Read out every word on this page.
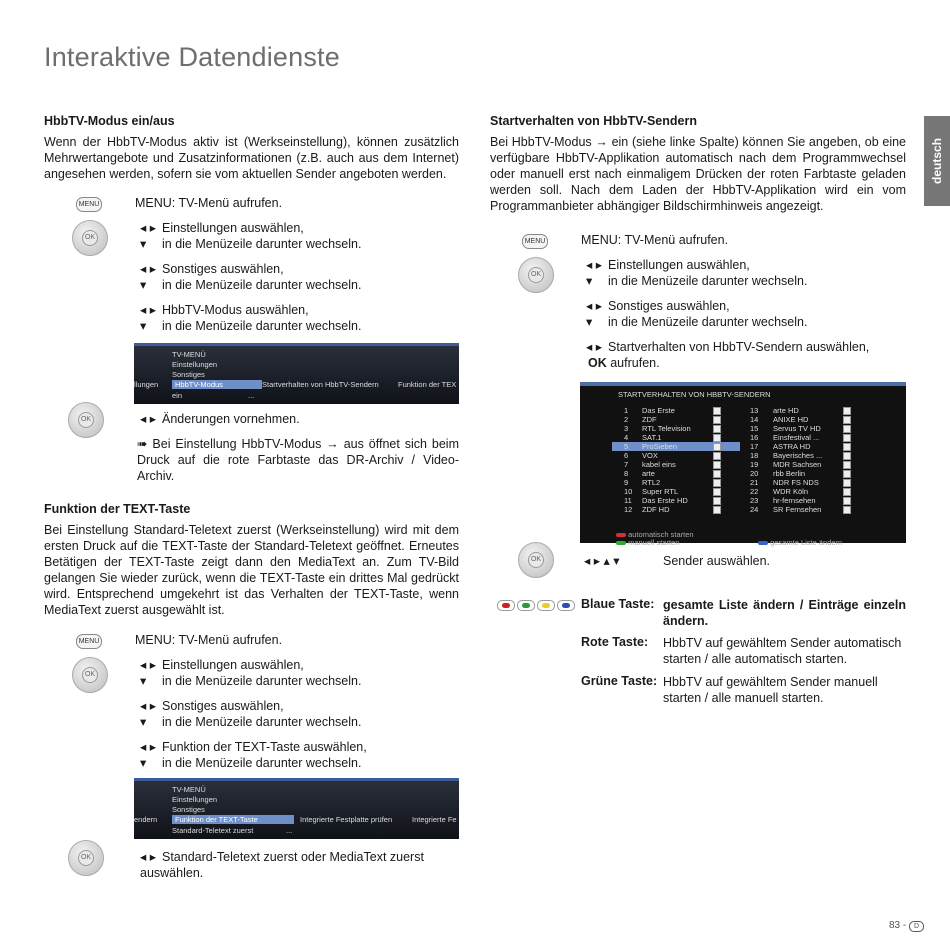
Interaktive Datendienste
deutsch
HbbTV-Modus ein/aus

Wenn der HbbTV-Modus aktiv ist (Werkseinstellung), können zusätzlich Mehrwertangebote und Zusatzinformationen (z.B. auch aus dem Internet) angesehen werden, sofern sie vom aktuellen Sender angeboten werden.

MENU	MENU: TV-Menü aufrufen.
OK
◂ ▸ Einstellungen auswählen,
▾ in die Menüzeile darunter wechseln.
◂ ▸ Sonstiges auswählen,
▾ in die Menüzeile darunter wechseln.
◂ ▸ HbbTV-Modus auswählen,
▾ in die Menüzeile darunter wechseln.
TV-MENÜ
Einstellungen
Sonstiges
llungen	HbbTV-Modus	Startverhalten von HbbTV-Sendern	Funktion der TEX
ein	...
OK	◂ ▸ Änderungen vornehmen.
➠ Bei Einstellung HbbTV-Modus → aus öffnet sich beim Druck auf die rote Farbtaste das DR-Archiv / Video-Archiv.
Funktion der TEXT-Taste

Bei Einstellung Standard-Teletext zuerst (Werkseinstellung) wird mit dem ersten Druck auf die TEXT-Taste der Standard-Teletext geöffnet. Erneutes Betätigen der TEXT-Taste zeigt dann den MediaText an. Zum TV-Bild gelangen Sie wieder zurück, wenn die TEXT-Taste ein drittes Mal gedrückt wird. Entsprechend umgekehrt ist das Verhalten der TEXT-Taste, wenn MediaText zuerst ausgewählt ist.

MENU	MENU: TV-Menü aufrufen.
OK
◂ ▸ Einstellungen auswählen,
▾ in die Menüzeile darunter wechseln.
◂ ▸ Sonstiges auswählen,
▾ in die Menüzeile darunter wechseln.
◂ ▸ Funktion der TEXT-Taste auswählen,
▾ in die Menüzeile darunter wechseln.
TV-MENÜ
Einstellungen
Sonstiges
endern	Funktion der TEXT-Taste	Integrierte Festplatte prüfen	Integrierte Fe
Standard-Teletext zuerst	...
OK	◂ ▸ Standard-Teletext zuerst oder MediaText zuerst auswählen.
Startverhalten von HbbTV-Sendern

Bei HbbTV-Modus → ein (siehe linke Spalte) können Sie angeben, ob eine verfügbare HbbTV-Applikation automatisch nach dem Programmwechsel oder manuell erst nach einmaligem Drücken der roten Farbtaste geladen werden soll. Nach dem Laden der HbbTV-Applikation wird ein vom Programmanbieter abhängiger Bildschirmhinweis angezeigt.

MENU	MENU: TV-Menü aufrufen.
OK
◂ ▸ Einstellungen auswählen,
▾ in die Menüzeile darunter wechseln.
◂ ▸ Sonstiges auswählen,
▾ in die Menüzeile darunter wechseln.
◂ ▸ Startverhalten von HbbTV-Sendern auswählen,
OK aufrufen.
STARTVERHALTEN VON HBBTV-SENDERN
automatisch starten
manuell starten	gesamte Liste ändern
1 Das Erste
2 ZDF
3 RTL Television
4 SAT.1
5 ProSieben
6 VOX
7 kabel eins
8 arte
9 RTL2
10 Super RTL
11 Das Erste HD
12 ZDF HD
13 arte HD
14 ANIXE HD
15 Servus TV HD
16 Einsfestival ...
17 ASTRA HD
18 Bayerisches ...
19 MDR Sachsen
20 rbb Berlin
21 NDR FS NDS
22 WDR Köln
23 hr-fernsehen
24 SR Fernsehen
OK	◂ ▸ ▴ ▾	Sender auswählen.
Blaue Taste: gesamte Liste ändern / Einträge einzeln ändern.
Rote Taste: HbbTV auf gewähltem Sender automatisch starten / alle automatisch starten.
Grüne Taste: HbbTV auf gewähltem Sender manuell starten / alle manuell starten.
83 - D
